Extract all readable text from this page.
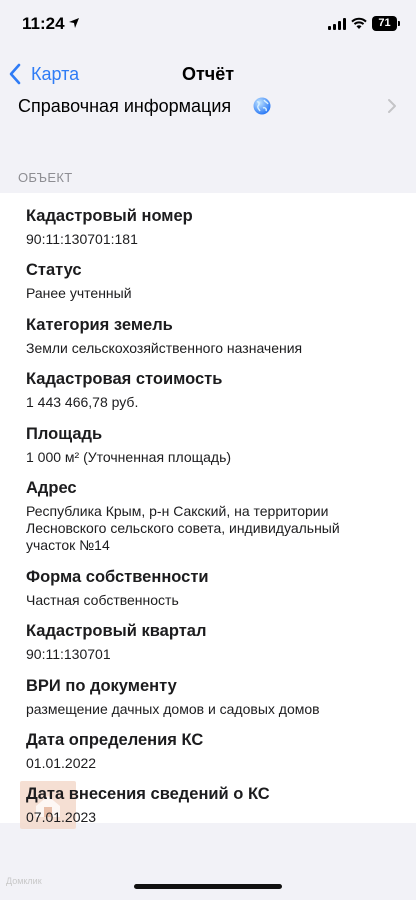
11:24	71
Карта	Отчёт
Справочная информация
ОБЪЕКТ
Кадастровый номер
90:11:130701:181
Статус
Ранее учтенный
Категория земель
Земли сельскохозяйственного назначения
Кадастровая стоимость
1 443 466,78 руб.
Площадь
1 000 м² (Уточненная площадь)
Адрес
Республика Крым, р-н Сакский, на территории
Лесновского сельского совета, индивидуальный
участок №14
Форма собственности
Частная собственность
Кадастровый квартал
90:11:130701
ВРИ по документу
размещение дачных домов и садовых домов
Дата определения КС
01.01.2022
Дата внесения сведений о КС
07.01.2023
Домклик
